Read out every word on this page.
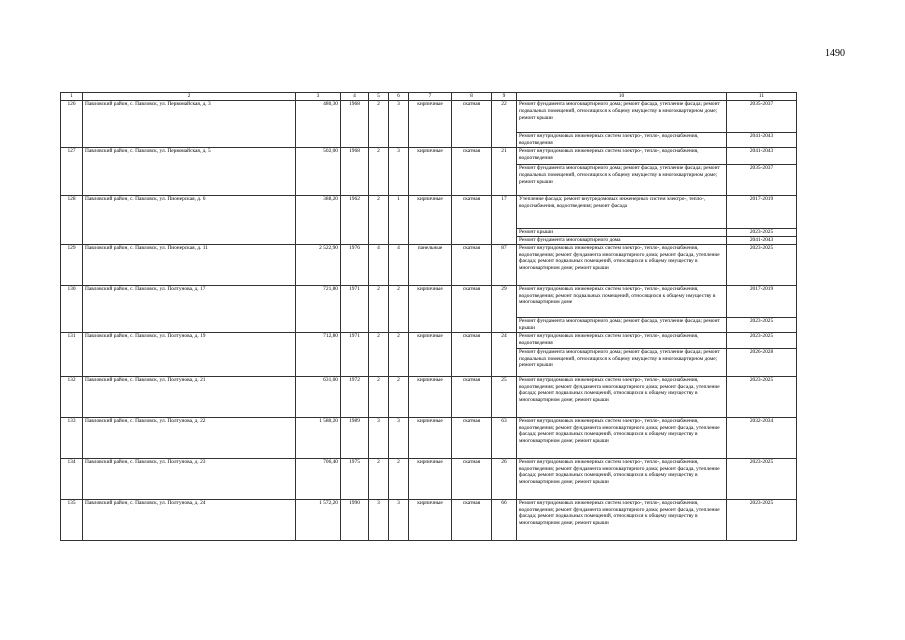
1490
1	2	3	4	5	6	7	8	9	10	11
126	Павловский район, с. Павловск, ул. Первомайская, д. 3	480,30	1968	2	3	кирпичные	скатная	22	Ремонт фундамента многоквартирного дома; ремонт фасада, утепление фасада; ремонт подвальных помещений, относящихся к общему имуществу в многоквартирном доме; ремонт крыши	2035-2037
									Ремонт внутридомовых инженерных систем электро-, тепло-, водоснабжения, водоотведения	2041-2043
127	Павловский район, с. Павловск, ул. Первомайская, д. 5	502,00	1968	2	3	кирпичные	скатная	21	Ремонт внутридомовых инженерных систем электро-, тепло-, водоснабжения, водоотведения	2041-2043
									Ремонт фундамента многоквартирного дома; ремонт фасада, утепление фасада; ремонт подвальных помещений, относящихся к общему имуществу в многоквартирном доме; ремонт крыши	2035-2037
128	Павловский район, с. Павловск, ул. Пионерская, д. 6	388,20	1962	2	1	кирпичные	скатная	17	Утепление фасада; ремонт внутридомовых инженерных систем электро-, тепло-, водоснабжения, водоотведения; ремонт фасада	2017-2019
									Ремонт крыши	2023-2025
									Ремонт фундамента многоквартирного дома	2041-2043
129	Павловский район, с. Павловск, ул. Пионерская, д. 11	2 522,90	1976	4	4	панельные	скатная	87	Ремонт внутридомовых инженерных систем электро-, тепло-, водоснабжения, водоотведения; ремонт фундамента многоквартирного дома; ремонт фасада, утепление фасада; ремонт подвальных помещений, относящихся к общему имуществу в многоквартирном доме; ремонт крыши	2023-2025
130	Павловский район, с. Павловск, ул. Полтунова, д. 17	721,80	1971	2	2	кирпичные	скатная	29	Ремонт внутридомовых инженерных систем электро-, тепло-, водоснабжения, водоотведения; ремонт подвальных помещений, относящихся к общему имуществу в многоквартирном доме	2017-2019
									Ремонт фундамента многоквартирного дома; ремонт фасада, утепление фасада; ремонт крыши	2023-2025
131	Павловский район, с. Павловск, ул. Полтунова, д. 19	712,80	1971	2	2	кирпичные	скатная	24	Ремонт внутридомовых инженерных систем электро-, тепло-, водоснабжения, водоотведения	2023-2025
									Ремонт фундамента многоквартирного дома; ремонт фасада, утепление фасада; ремонт подвальных помещений, относящихся к общему имуществу в многоквартирном доме; ремонт крыши	2026-2028
132	Павловский район, с. Павловск, ул. Полтунова, д. 21	631,00	1972	2	2	кирпичные	скатная	25	Ремонт внутридомовых инженерных систем электро-, тепло-, водоснабжения, водоотведения; ремонт фундамента многоквартирного дома; ремонт фасада, утепление фасада; ремонт подвальных помещений, относящихся к общему имуществу в многоквартирном доме; ремонт крыши	2023-2025
133	Павловский район, с. Павловск, ул. Полтунова, д. 22	1 588,20	1989	3	3	кирпичные	скатная	63	Ремонт внутридомовых инженерных систем электро-, тепло-, водоснабжения, водоотведения; ремонт фундамента многоквартирного дома; ремонт фасада, утепление фасада; ремонт подвальных помещений, относящихся к общему имуществу в многоквартирном доме; ремонт крыши	2032-2034
134	Павловский район, с. Павловск, ул. Полтунова, д. 23	706,40	1975	2	2	кирпичные	скатная	26	Ремонт внутридомовых инженерных систем электро-, тепло-, водоснабжения, водоотведения; ремонт фундамента многоквартирного дома; ремонт фасада, утепление фасада; ремонт подвальных помещений, относящихся к общему имуществу в многоквартирном доме; ремонт крыши	2023-2025
135	Павловский район, с. Павловск, ул. Полтунова, д. 24	1 572,20	1990	3	3	кирпичные	скатная	66	Ремонт внутридомовых инженерных систем электро-, тепло-, водоснабжения, водоотведения; ремонт фундамента многоквартирного дома; ремонт фасада, утепление фасада; ремонт подвальных помещений, относящихся к общему имуществу в многоквартирном доме; ремонт крыши	2023-2025
